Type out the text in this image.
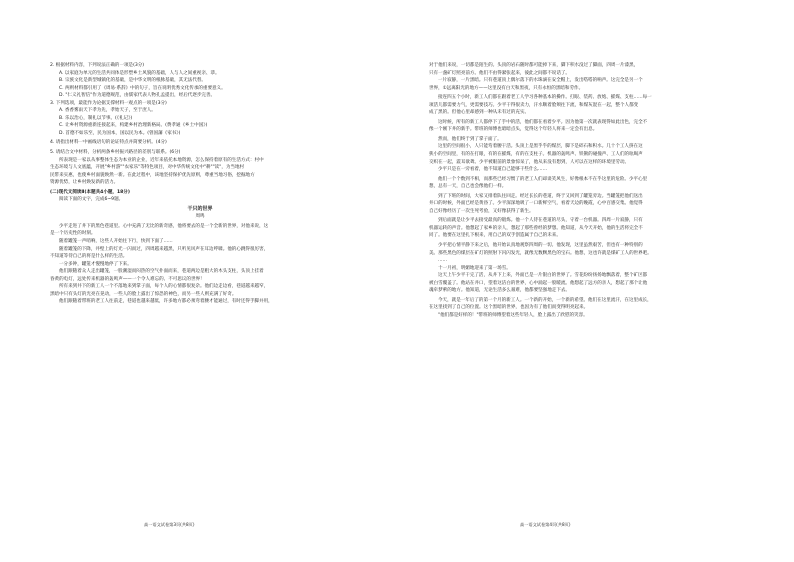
2. 根据材料内容，下列说法正确的一项是(3分)

A. 以家庭为单元的生活共同体是形塑乡土风貌的基础，人与人之间重视亲、恭。

B. 宗族文化是新型城镇化的基础，是中华文明的根脉基础，其无法代替。

C. 两则材料都引用了《周易·系辞》中的句子，旨在说明优秀文化传承的重要意义。

D. "仁义礼智信"作为道德规范，由儒家代表人物孔孟提出，经后代逐步完善。

3. 下列选项，最能作为论据支撑材料一观点的一项是(3分)

A. 香香雾雨天下孝为先，孝始天子，至于庶人。

B. 乐以治心，制礼以节事。(《礼记》)

C. 让乡村资源重新连接起来，构建乡村治理新格局。(费孝通《乡土中国》)

D. 首德不如乐至，民为国本，国以民为本。(曾国藩《家书》)

4. 请指出材料一中画线语句的论证特点并简要分析。(4分)

5. 请结合文中材料，分析两条乡村振兴路径的差别与联系。(6分)

所表现是一家以从事整体生态为本业的企业，近年来依托本地资源，怎么保持着原有的生活方式：村中

生态环境与人文底蕴，开展"乡村游""农家乐"等特色项目，对中华传统文化中"耕""读"，为当地村

民带来实惠，也使乡村面貌焕然一新。在此过程中，该地坚持保护优先原则，尊重当地习俗，挖掘地方

资源优势，让乡村焕发新的活力。

(二)现代文阅读Ⅱ(本题共4小题，18分)

阅读下面的文字，完成6~9题。

干只的世界

周鸣

少平走进了井下的黑色巷道里。心中充满了无比的新奇感，他将要去的是一个全新的世界，对他来说，这

是一个历史性的时刻。

随着罐笼一声哨响，这些人开始往下行，快到下面了……

随着罐笼的下降，井壁上的灯光一闪而过，四周越来越黑，只听见风声在耳边呼啸。他的心跳得很厉害，

不知道等待自己的将是什么样的生活。

一分多钟，罐笼才慢慢地停了下来。

他们跟随着众人走出罐笼，一股潮湿而闷热的空气扑面而来，巷道两边是粗大的木头支柱，头顶上挂着

昏黄的电灯，远处传来机器的轰鸣声——一个令人难忘的、不可思议的世界！

所有来到井下的新工人一个不落地来到掌子面，每个人的心情都很复杂。他们边走边看，巷道越来越窄，

黑暗中只有头灯的光亮在晃动，一些人的脸上露出了惊恐的神色，而另一些人则充满了好奇。

他们跟随着带班的老工人往前走，巷道也越来越低，许多地方都必须弯着腰才能通过，有时还得手脚并用，

高一语文试卷第3页(共8页)

对于他们来说，一切都是陌生的。头顶的岩石随时都可能掉下来，脚下积水没过了脚面，四周一片漆黑，

只有一盏矿灯照亮前方。他们不由得紧张起来，彼此之间都不说话了。

一片寂静，一片黑暗。只有巷道顶上偶尔落下的水珠滴在安全帽上，发出嗒嗒的响声。这完全是另一个

世界，①远离阳光的地方——这里没有白天和黑夜，只有永恒的黑暗和劳作。

接连四五个小时，新工人们都在跟着老工人学习各种基本的操作。打眼、装药、放炮、攉煤、支柱……每一

项活儿都需要力气，更需要技巧。少平干得很卖力，汗水顺着脸颊往下流，和煤灰混在一起，整个人都变

成了黑的。但他心里却感到一种从未有过的充实。

这时候，所有的新工人都停下了手中的活，他们都在看着少平。因为他第一次就表现得如此出色，完全不

像一个刚下井的新手。带班的师傅也暗暗点头，觉得这个年轻人将来一定会有出息。

然而，他们终于到了掌子面了。

这里的空间很小，人只能弯着腰干活。头顶上是黑乎乎的煤层，脚下是碎石和积水。几十个工人挤在这

狭小的空间里，有的在打眼，有的在攉煤，有的在支柱子。机器的轰鸣声、铁锹的碰撞声、工人们的吆喝声

交织在一起，震耳欲聋。少平被眼前的景象惊呆了，他从来没有想到，人可以在这样的环境里劳动。

少平只是在一旁看着，他不知道自己能够干些什么……

他们一个个数到不相，而那些已经习惯了的老工人们却谈笑风生，好像根本不在乎这里的危险。少平心里

想，总有一天，自己也会像他们一样。

到了下班的时间，大家又排着队往回走。经过长长的巷道，终于又回到了罐笼旁边。当罐笼把他们送出

井口的时候，外面已经是黄昏了。少平深深地吸了一口新鲜空气，看着天边的晚霞，心中百感交集。他觉得

自己好像经历了一次生死考验，又好像获得了新生。

到后面就是让少平去接受最真的锻炼。他一个人待在巷道的尽头，守着一台机器。四周一片寂静，只有

机器运转的声音。他想起了家乡的亲人，想起了那些曾经的梦想。他知道，从今天开始，他的生活将完全不

同了。他要在这里扎下根来，用自己的双手创造属于自己的未来。

少平把心情平静下来之后，他开始认真地观察四周的一切。他发现，这里虽然艰苦，但也有一种特别的

美。那些黑色的煤层在矿灯的照射下闪闪发光，就像无数颗黑色的宝石。他想，这也许就是煤矿工人的世界吧。

……

十一月初，明媚地迎来了第一场雪。

这天上午少平干完了活，从井下上来，外面已是一片银白的世界了。雪花纷纷扬扬地飘落着，整个矿区都

被白雪覆盖了。他站在井口，望着这洁白的世界，心中涌起一股暖流。他想起了远方的亲人，想起了那个让他

魂牵梦萦的地方。他知道，无论生活多么艰难，他都要坚强地走下去。

今天，就是一年后了的第一个月的新工人。一个新的开始，一个新的希望。他们在这里流汗，在这里成长，

在这里找到了自己的位置。这个黑暗的世界，也因为有了他们而变得明亮起来。

"他们都是好样的！"带班的师傅望着这些年轻人，脸上露出了欣慰的笑容。

高一语文试卷第4页(共8页)
